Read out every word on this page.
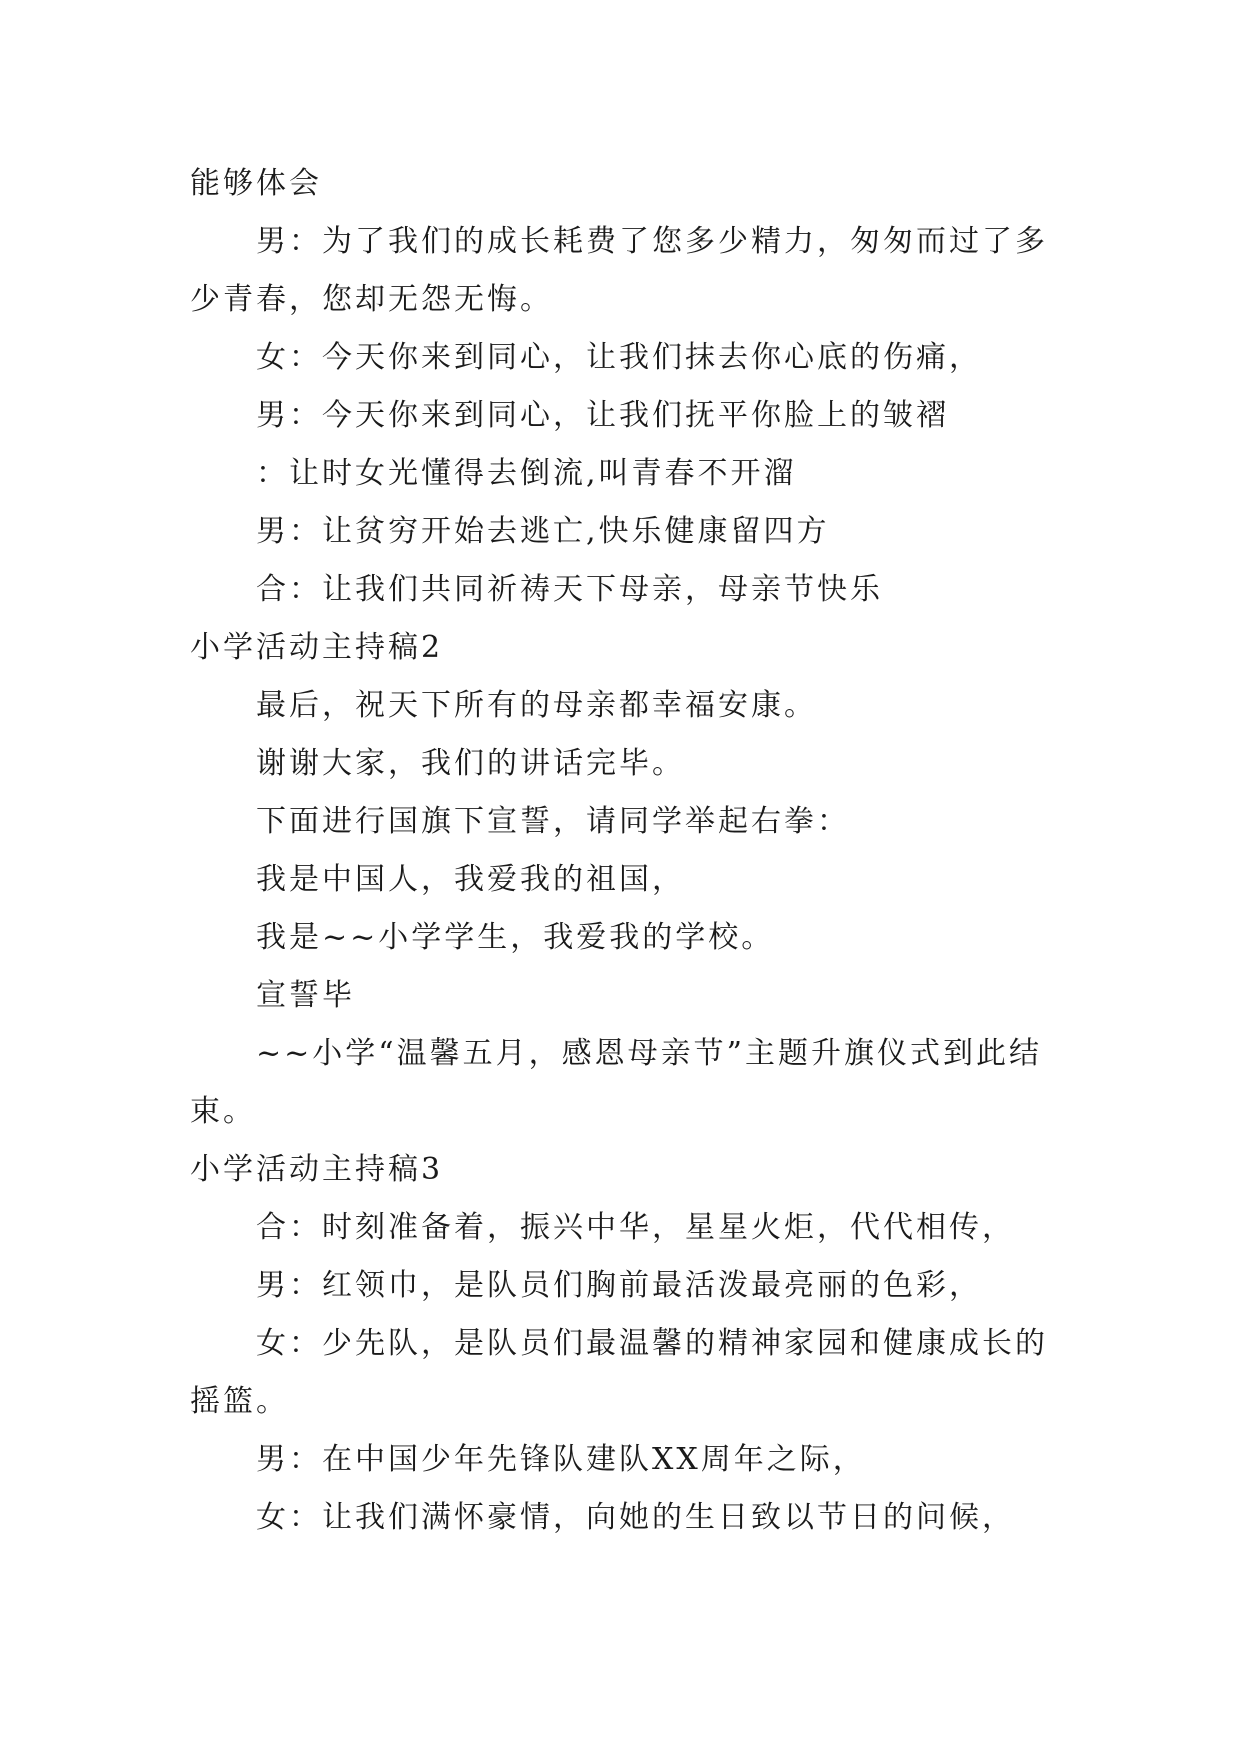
能够体会
男：为了我们的成长耗费了您多少精力，匆匆而过了多
少青春，您却无怨无悔。
女：今天你来到同心，让我们抹去你心底的伤痛，
男：今天你来到同心，让我们抚平你脸上的皱褶
：让时女光懂得去倒流,叫青春不开溜
男：让贫穷开始去逃亡,快乐健康留四方
合：让我们共同祈祷天下母亲，母亲节快乐
小学活动主持稿2
最后，祝天下所有的母亲都幸福安康。
谢谢大家，我们的讲话完毕。
下面进行国旗下宣誓，请同学举起右拳：
我是中国人，我爱我的祖国，
我是~~小学学生，我爱我的学校。
宣誓毕
~~小学“温馨五月，感恩母亲节”主题升旗仪式到此结
束。
小学活动主持稿3
合：时刻准备着，振兴中华，星星火炬，代代相传，
男：红领巾，是队员们胸前最活泼最亮丽的色彩，
女：少先队，是队员们最温馨的精神家园和健康成长的
摇篮。
男：在中国少年先锋队建队XX周年之际，
女：让我们满怀豪情，向她的生日致以节日的问候，
